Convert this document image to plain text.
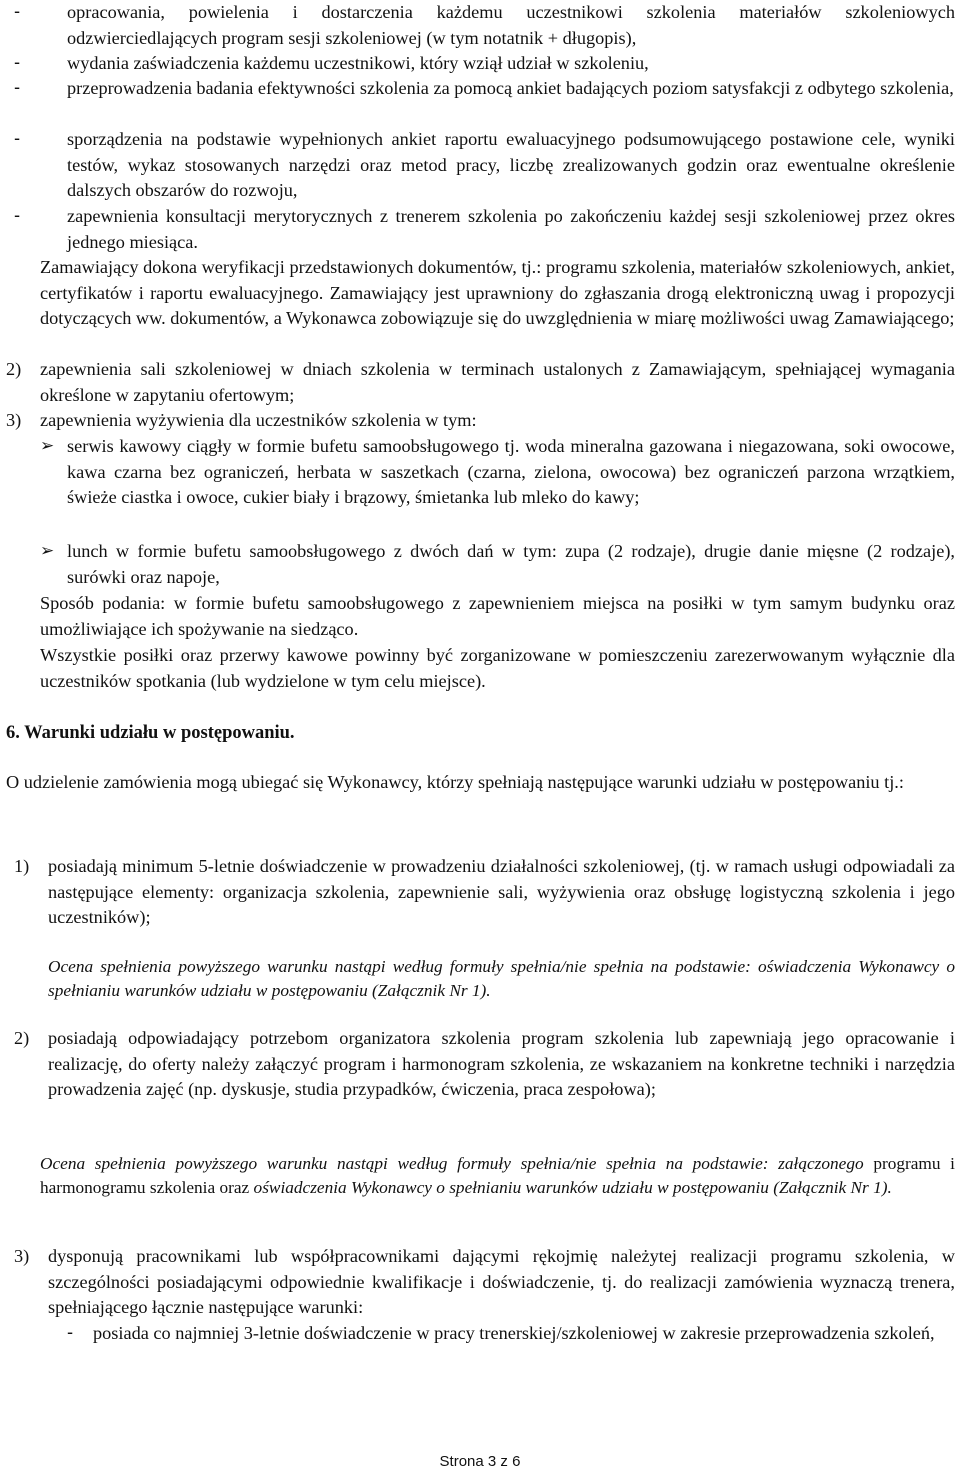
-	opracowania, powielenia i dostarczenia każdemu uczestnikowi szkolenia materiałów szkoleniowych odzwierciedlających program sesji szkoleniowej (w tym notatnik + długopis),

-	wydania zaświadczenia każdemu uczestnikowi, który wziął udział w szkoleniu,

-	przeprowadzenia badania efektywności szkolenia za pomocą ankiet badających poziom satysfakcji z odbytego szkolenia,

-	sporządzenia na podstawie wypełnionych ankiet raportu ewaluacyjnego podsumowującego postawione cele, wyniki testów, wykaz stosowanych narzędzi oraz metod pracy, liczbę zrealizowanych godzin oraz ewentualne określenie dalszych obszarów do rozwoju,

-	zapewnienia konsultacji merytorycznych z trenerem szkolenia po zakończeniu każdej sesji szkoleniowej przez okres jednego miesiąca.

Zamawiający dokona weryfikacji przedstawionych dokumentów, tj.: programu szkolenia, materiałów szkoleniowych, ankiet, certyfikatów i raportu ewaluacyjnego. Zamawiający jest uprawniony do zgłaszania drogą elektroniczną uwag i propozycji dotyczących ww. dokumentów, a Wykonawca zobowiązuje się do uwzględnienia w miarę możliwości uwag Zamawiającego;

2) zapewnienia sali szkoleniowej w dniach szkolenia w terminach ustalonych z Zamawiającym, spełniającej wymagania określone w zapytaniu ofertowym;

3) zapewnienia wyżywienia dla uczestników szkolenia w tym:

➢ serwis kawowy ciągły w formie bufetu samoobsługowego tj. woda mineralna gazowana i niegazowana, soki owocowe, kawa czarna bez ograniczeń, herbata w saszetkach (czarna, zielona, owocowa) bez ograniczeń parzona wrzątkiem, świeże ciastka i owoce, cukier biały i brązowy, śmietanka lub mleko do kawy;

➢ lunch w formie bufetu samoobsługowego z dwóch dań w tym: zupa (2 rodzaje), drugie danie mięsne (2 rodzaje), surówki oraz napoje,

Sposób podania: w formie bufetu samoobsługowego z zapewnieniem miejsca na posiłki w tym samym budynku oraz umożliwiające ich spożywanie na siedząco.

Wszystkie posiłki oraz przerwy kawowe powinny być zorganizowane w pomieszczeniu zarezerwowanym wyłącznie dla uczestników spotkania (lub wydzielone w tym celu miejsce).

6. Warunki udziału w postępowaniu.

O udzielenie zamówienia mogą ubiegać się Wykonawcy, którzy spełniają następujące warunki udziału w postępowaniu tj.:

1) posiadają minimum 5-letnie doświadczenie w prowadzeniu działalności szkoleniowej, (tj. w ramach usługi odpowiadali za następujące elementy: organizacja szkolenia, zapewnienie sali, wyżywienia oraz obsługę logistyczną szkolenia i jego uczestników);

Ocena spełnienia powyższego warunku nastąpi według formuły spełnia/nie spełnia na podstawie: oświadczenia Wykonawcy o spełnianiu warunków udziału w postępowaniu (Załącznik Nr 1).

2) posiadają odpowiadający potrzebom organizatora szkolenia program szkolenia lub zapewniają jego opracowanie i realizację, do oferty należy załączyć program i harmonogram szkolenia, ze wskazaniem na konkretne techniki i narzędzia prowadzenia zajęć (np. dyskusje, studia przypadków, ćwiczenia, praca zespołowa);

Ocena spełnienia powyższego warunku nastąpi według formuły spełnia/nie spełnia na podstawie: załączonego programu i harmonogramu szkolenia oraz oświadczenia Wykonawcy o spełnianiu warunków udziału w postępowaniu (Załącznik Nr 1).
3) dysponują pracownikami lub współpracownikami dającymi rękojmię należytej realizacji programu szkolenia, w szczególności posiadającymi odpowiednie kwalifikacje i doświadczenie, tj. do realizacji zamówienia wyznaczą trenera, spełniającego łącznie następujące warunki:

- posiada co najmniej 3-letnie doświadczenie w pracy trenerskiej/szkoleniowej w zakresie przeprowadzenia szkoleń,

Strona 3 z 6
